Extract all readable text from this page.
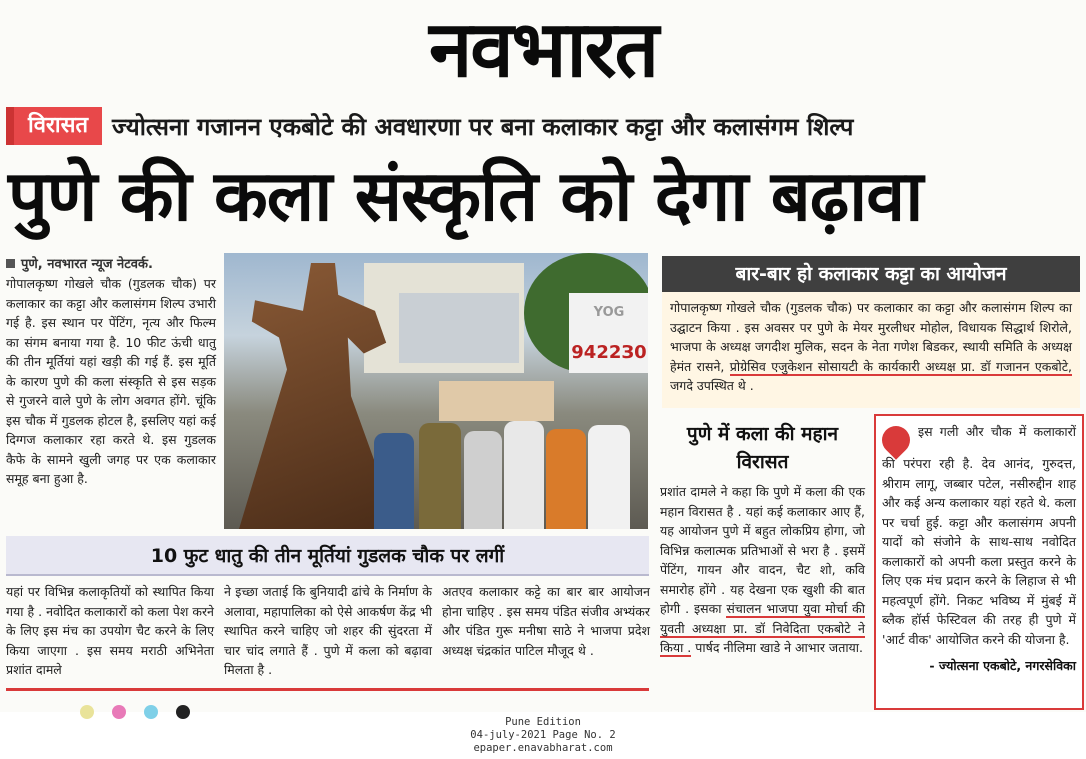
नवभारत
विरासत	ज्योत्सना गजानन एकबोटे की अवधारणा पर बना कलाकार कट्टा और कलासंगम शिल्प
पुणे की कला संस्कृति को देगा बढ़ावा
पुणे, नवभारत न्यूज नेटवर्क.
गोपालकृष्ण गोखले चौक (गुडलक चौक) पर कलाकार का कट्टा और कलासंगम शिल्प उभारी गई है. इस स्थान पर पेंटिंग, नृत्य और फिल्म का संगम बनाया गया है. 10 फीट ऊंची धातु की तीन मूर्तियां यहां खड़ी की गई हैं. इस मूर्ति के कारण पुणे की कला संस्कृति से इस सड़क से गुजरने वाले पुणे के लोग अवगत होंगे. चूंकि इस चौक में गुडलक होटल है, इसलिए यहां कई दिग्गज कलाकार रहा करते थे. इस गुडलक कैफे के सामने खुली जगह पर एक कलाकार समूह बना हुआ है.
YOG
9422З0
10 फुट धातु की तीन मूर्तियां गुडलक चौक पर लगीं
यहां पर विभिन्न कलाकृतियों को स्थापित किया गया है . नवोदित कलाकारों को कला पेश करने के लिए इस मंच का उपयोग चैट करने के लिए किया जाएगा . इस समय मराठी अभिनेता प्रशांत दामले
ने इच्छा जताई कि बुनियादी ढांचे के निर्माण के अलावा, महापालिका को ऐसे आकर्षण केंद्र भी स्थापित करने चाहिए जो शहर की सुंदरता में चार चांद लगाते हैं . पुणे में कला को बढ़ावा मिलता है .
अतएव कलाकार कट्टे का बार बार आयोजन होना चाहिए . इस समय पंडित संजीव अभ्यंकर और पंडित गुरू मनीषा साठे ने भाजपा प्रदेश अध्यक्ष चंद्रकांत पाटिल मौजूद थे .
बार-बार हो कलाकार कट्टा का आयोजन
गोपालकृष्ण गोखले चौक (गुडलक चौक) पर कलाकार का कट्टा और कलासंगम शिल्प का उद्घाटन किया . इस अवसर पर पुणे के मेयर मुरलीधर मोहोल, विधायक सिद्धार्थ शिरोले, भाजपा के अध्यक्ष जगदीश मुलिक, सदन के नेता गणेश बिडकर, स्थायी समिति के अध्यक्ष हेमंत रासने, प्रोग्रेसिव एजुकेशन सोसायटी के कार्यकारी अध्यक्ष प्रा. डॉ गजानन एकबोटे, जगदे उपस्थित थे .
पुणे में कला की महान विरासत
प्रशांत दामले ने कहा कि पुणे में कला की एक महान विरासत है . यहां कई कलाकार आए हैं, यह आयोजन पुणे में बहुत लोकप्रिय होगा, जो विभिन्न कलात्मक प्रतिभाओं से भरा है . इसमें पेंटिंग, गायन और वादन, चैट शो, कवि समारोह होंगे . यह देखना एक खुशी की बात होगी . इसका संचालन भाजपा युवा मोर्चा की युवती अध्यक्षा प्रा. डॉ निवेदिता एकबोटे ने किया . पार्षद नीलिमा खाडे ने आभार जताया.
इस गली और चौक में कलाकारों की परंपरा रही है. देव आनंद, गुरुदत्त, श्रीराम लागू, जब्बार पटेल, नसीरुद्दीन शाह और कई अन्य कलाकार यहां रहते थे. कला पर चर्चा हुई. कट्टा और कलासंगम अपनी यादों को संजोने के साथ-साथ नवोदित कलाकारों को अपनी कला प्रस्तुत करने के लिए एक मंच प्रदान करने के लिहाज से भी महत्वपूर्ण होंगे. निकट भविष्य में मुंबई में ब्लैक हॉर्स फेस्टिवल की तरह ही पुणे में 'आर्ट वीक' आयोजित करने की योजना है.
- ज्योत्सना एकबोटे, नगरसेविका
Pune Edition
04-july-2021 Page No. 2
epaper.enavabharat.com
